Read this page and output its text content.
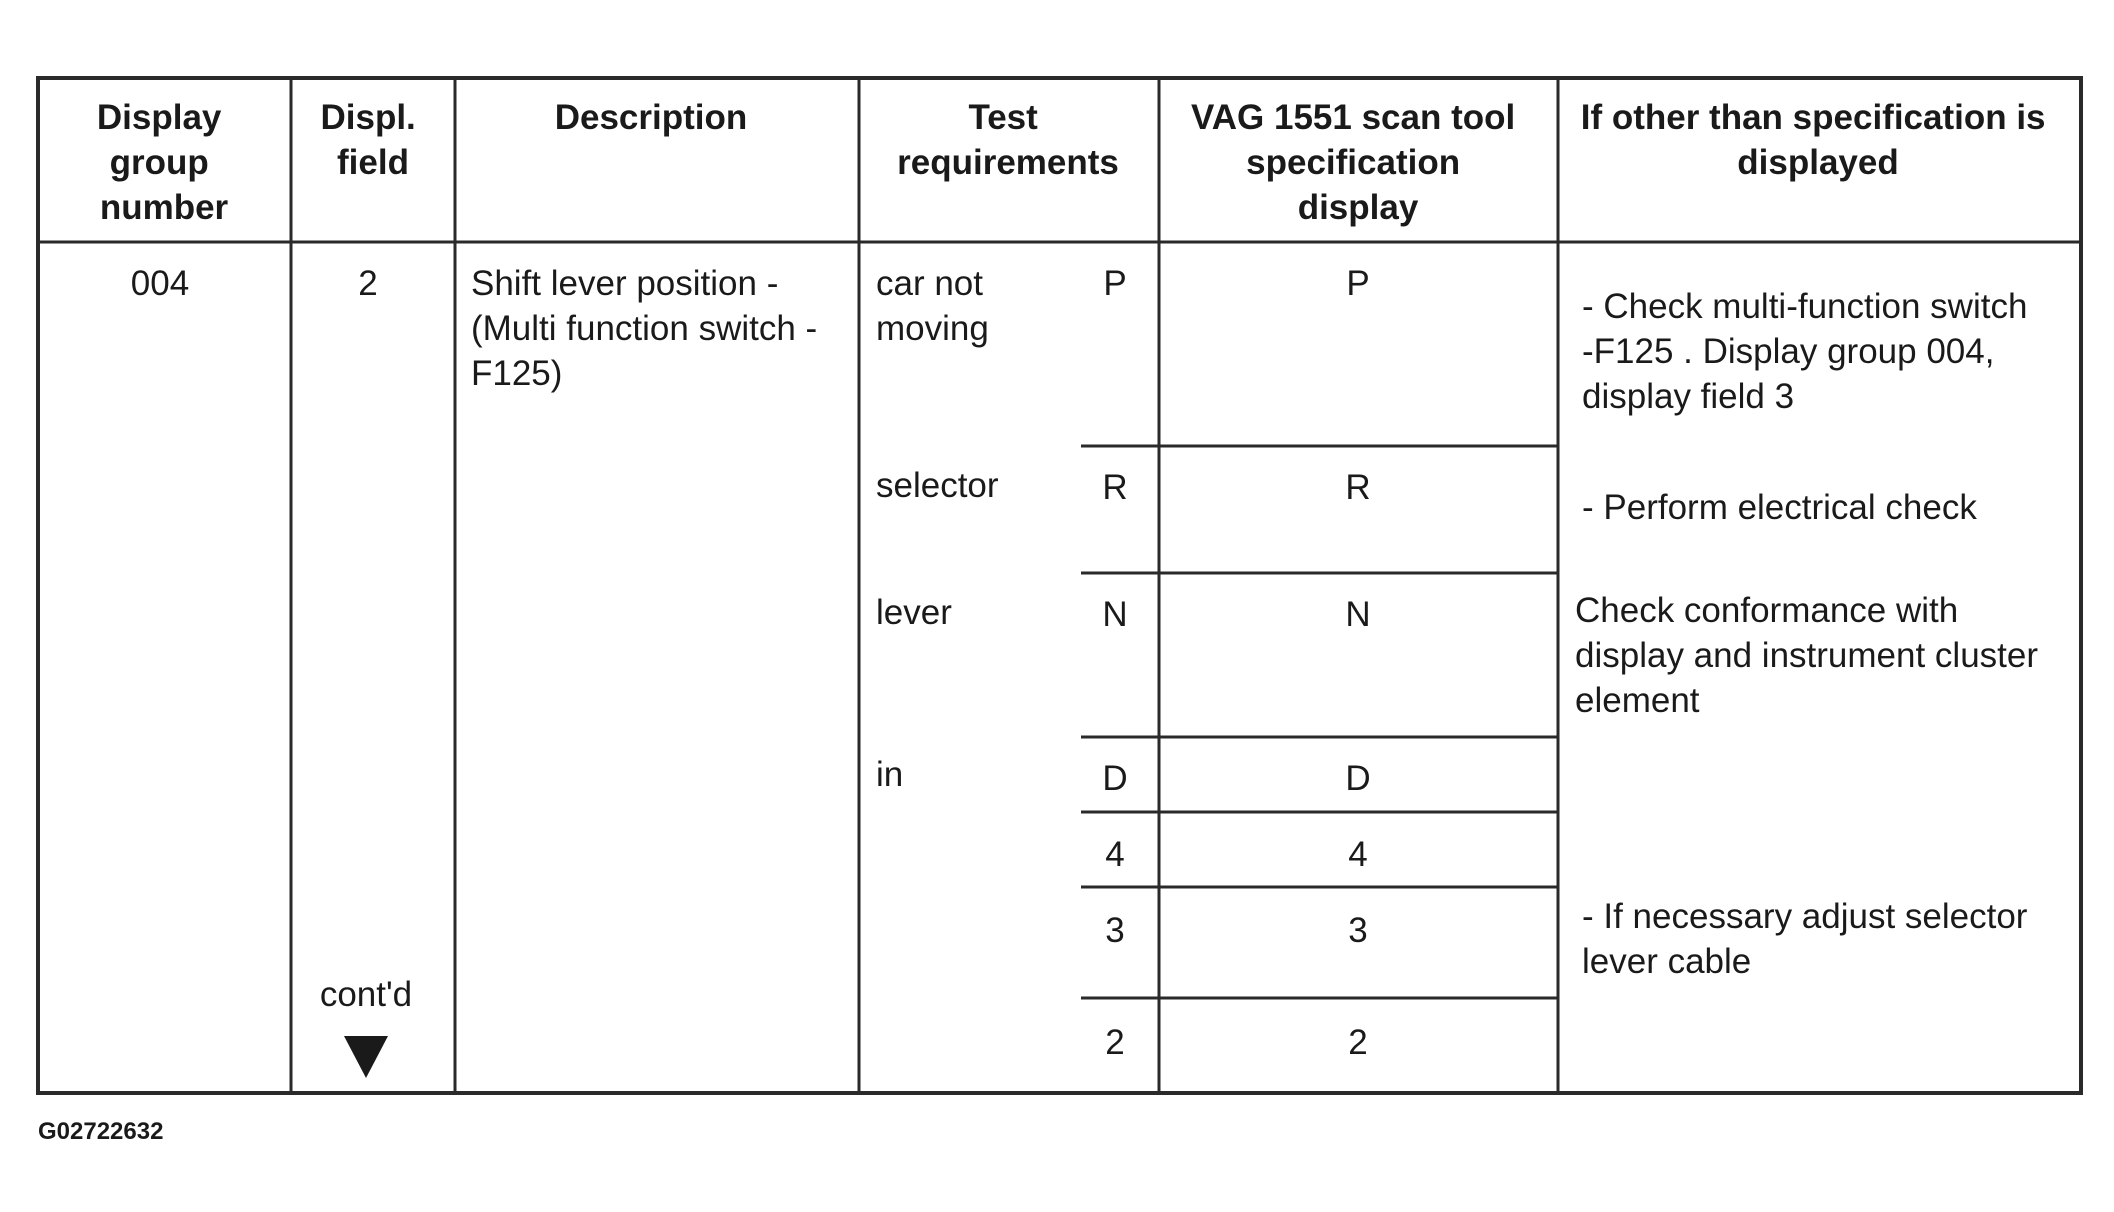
Display group number
Displ. field
Description	Test requirements
VAG 1551 scan tool specification display
If other than specification is displayed
004	2
cont'd
Shift lever position - (Multi function switch - F125)
car not moving
selector
lever
in
P
R
N
D
4
3
2
P
R
N
D
4
3
2
- Check multi-function switch -F125 . Display group 004, display field 3
- Perform electrical check
Check conformance with display and instrument cluster element
- If necessary adjust selector lever cable
G02722632
